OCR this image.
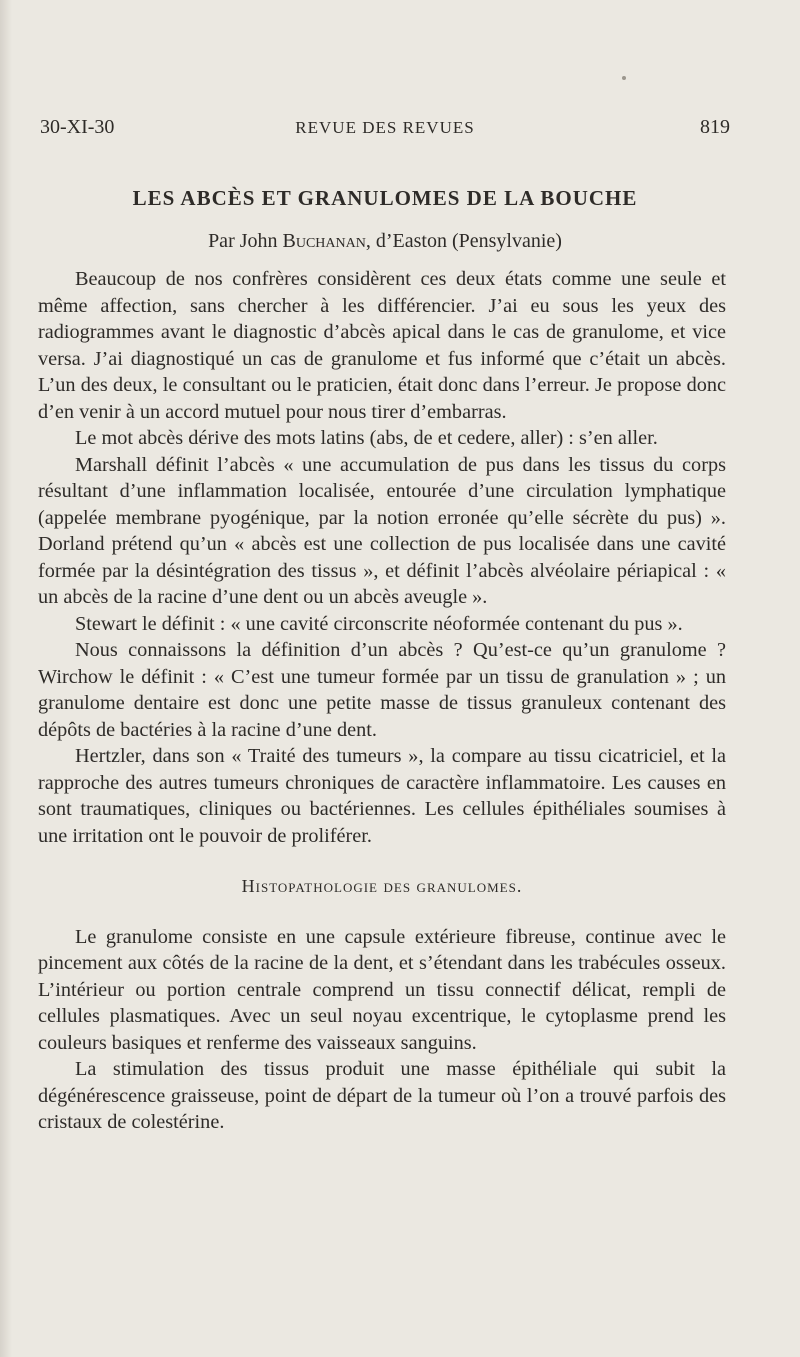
30-XI-30	REVUE DES REVUES	819
LES ABCÈS ET GRANULOMES DE LA BOUCHE
Par John Buchanan, d’Easton (Pensylvanie)

Beaucoup de nos confrères considèrent ces deux états comme une seule et même affection, sans chercher à les différencier. J’ai eu sous les yeux des radiogrammes avant le diagnostic d’abcès apical dans le cas de granulome, et vice versa. J’ai diagnostiqué un cas de granulome et fus informé que c’était un abcès. L’un des deux, le consultant ou le praticien, était donc dans l’erreur. Je propose donc d’en venir à un accord mutuel pour nous tirer d’embarras.

Le mot abcès dérive des mots latins (abs, de et cedere, aller) : s’en aller.

Marshall définit l’abcès « une accumulation de pus dans les tissus du corps résultant d’une inflammation localisée, entourée d’une circulation lymphatique (appelée membrane pyogénique, par la notion erronée qu’elle sécrète du pus) ». Dorland prétend qu’un « abcès est une collection de pus localisée dans une cavité formée par la désintégration des tissus », et définit l’abcès alvéolaire périapical : « un abcès de la racine d’une dent ou un abcès aveugle ».

Stewart le définit : « une cavité circonscrite néoformée contenant du pus ».

Nous connaissons la définition d’un abcès ? Qu’est-ce qu’un granulome ? Wirchow le définit : « C’est une tumeur formée par un tissu de granulation » ; un granulome dentaire est donc une petite masse de tissus granuleux contenant des dépôts de bactéries à la racine d’une dent.

Hertzler, dans son « Traité des tumeurs », la compare au tissu cicatriciel, et la rapproche des autres tumeurs chroniques de caractère inflammatoire. Les causes en sont traumatiques, cliniques ou bactériennes. Les cellules épithéliales soumises à une irritation ont le pouvoir de proliférer.

Histopathologie des granulomes.

Le granulome consiste en une capsule extérieure fibreuse, continue avec le pincement aux côtés de la racine de la dent, et s’étendant dans les trabécules osseux. L’intérieur ou portion centrale comprend un tissu connectif délicat, rempli de cellules plasmatiques. Avec un seul noyau excentrique, le cytoplasme prend les couleurs basiques et renferme des vaisseaux sanguins.

La stimulation des tissus produit une masse épithéliale qui subit la dégénérescence graisseuse, point de départ de la tumeur où l’on a trouvé parfois des cristaux de colestérine.
